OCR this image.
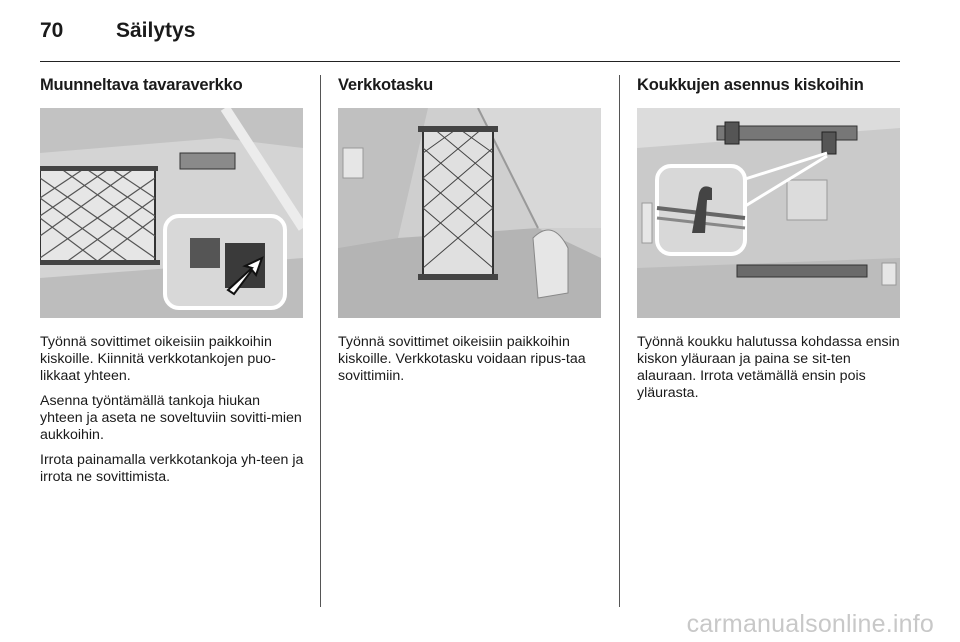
70	Säilytys
Muunneltava tavaraverkko

Työnnä sovittimet oikeisiin paikkoihin kiskoille. Kiinnitä verkkotankojen puo-likkaat yhteen.

Asenna työntämällä tankoja hiukan yhteen ja aseta ne soveltuviin sovitti-mien aukkoihin.

Irrota painamalla verkkotankoja yh-teen ja irrota ne sovittimista.

Verkkotasku

Työnnä sovittimet oikeisiin paikkoihin kiskoille. Verkkotasku voidaan ripus-taa sovittimiin.

Koukkujen asennus kiskoihin

Työnnä koukku halutussa kohdassa ensin kiskon yläuraan ja paina se sit-ten alauraan. Irrota vetämällä ensin pois yläurasta.

carmanualsonline.info
